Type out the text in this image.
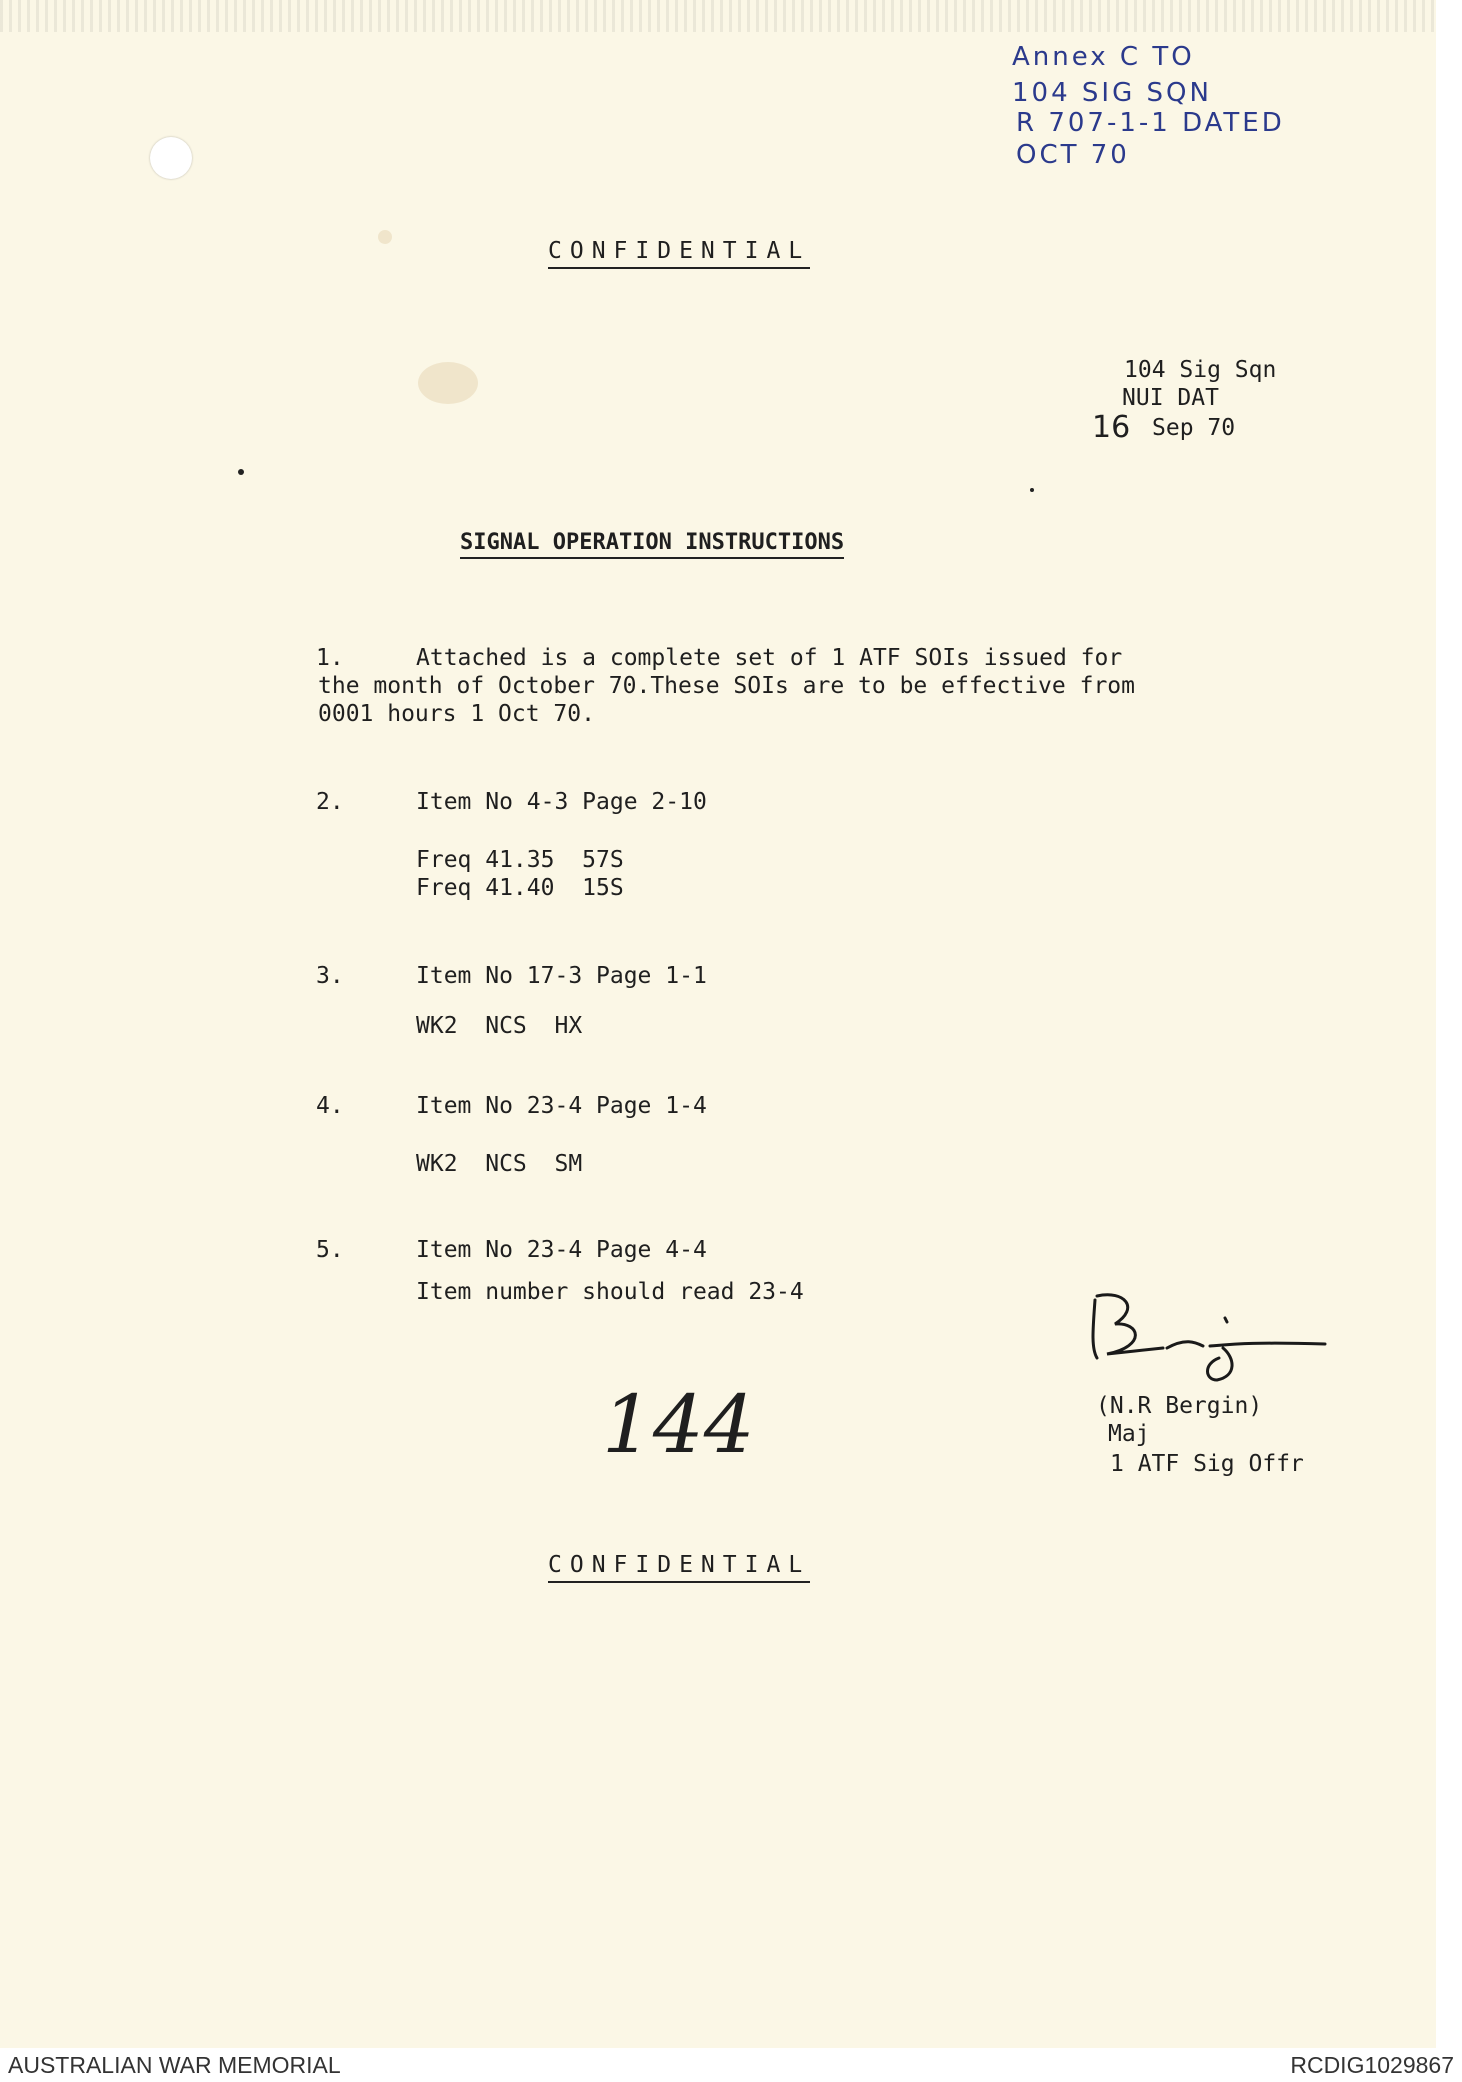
Annex C TO
104 SIG SQN
R 707-1-1 DATED
OCT 70
CONFIDENTIAL
104 Sig Sqn
NUI DAT
16 Sep 70
SIGNAL OPERATION INSTRUCTIONS
1.	Attached is a complete set of 1 ATF SOIs issued for
the month of October 70.These SOIs are to be effective from
0001 hours 1 Oct 70.
2.	Item No 4-3 Page 2-10
Freq 41.35  57S
Freq 41.40  15S
3.	Item No 17-3 Page 1-1
WK2  NCS  HX
4.	Item No 23-4 Page 1-4
WK2  NCS  SM
5.	Item No 23-4 Page 4-4
Item number should read 23-4
144	(N.R Bergin)
Maj
1 ATF Sig Offr
CONFIDENTIAL
AUSTRALIAN WAR MEMORIAL	RCDIG1029867
